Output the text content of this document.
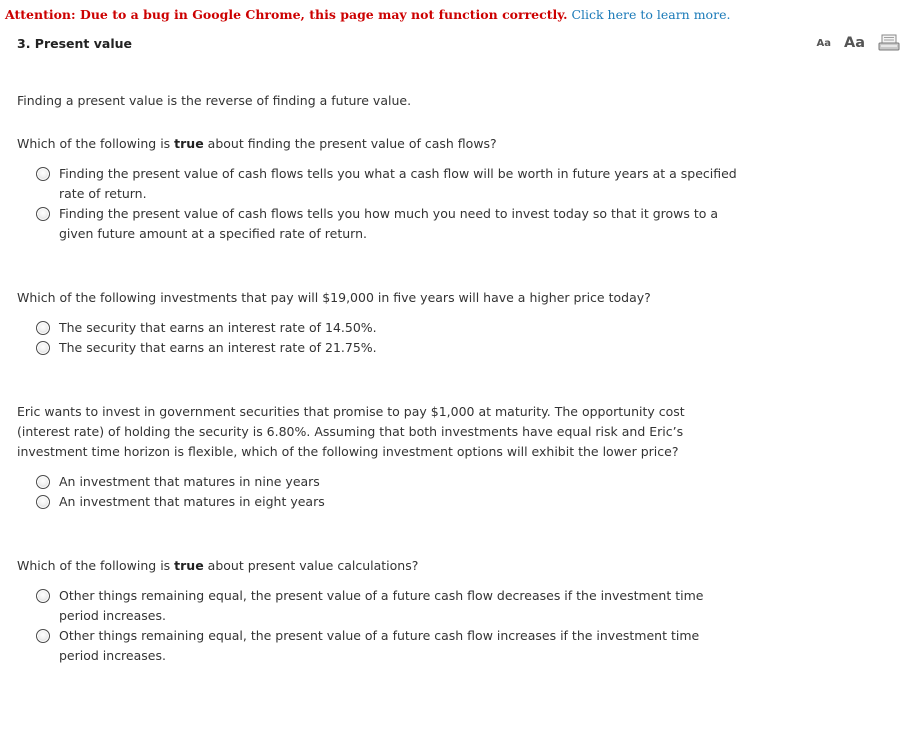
Attention: Due to a bug in Google Chrome, this page may not function correctly. Click here to learn more.
3. Present value	Aa Aa
Finding a present value is the reverse of finding a future value.
Which of the following is true about finding the present value of cash flows?
Finding the present value of cash flows tells you what a cash flow will be worth in future years at a specified rate of return.
Finding the present value of cash flows tells you how much you need to invest today so that it grows to a given future amount at a specified rate of return.
Which of the following investments that pay will $19,000 in five years will have a higher price today?
The security that earns an interest rate of 14.50%.
The security that earns an interest rate of 21.75%.
Eric wants to invest in government securities that promise to pay $1,000 at maturity. The opportunity cost (interest rate) of holding the security is 6.80%. Assuming that both investments have equal risk and Eric’s investment time horizon is flexible, which of the following investment options will exhibit the lower price?
An investment that matures in nine years
An investment that matures in eight years
Which of the following is true about present value calculations?
Other things remaining equal, the present value of a future cash flow decreases if the investment time period increases.
Other things remaining equal, the present value of a future cash flow increases if the investment time period increases.
